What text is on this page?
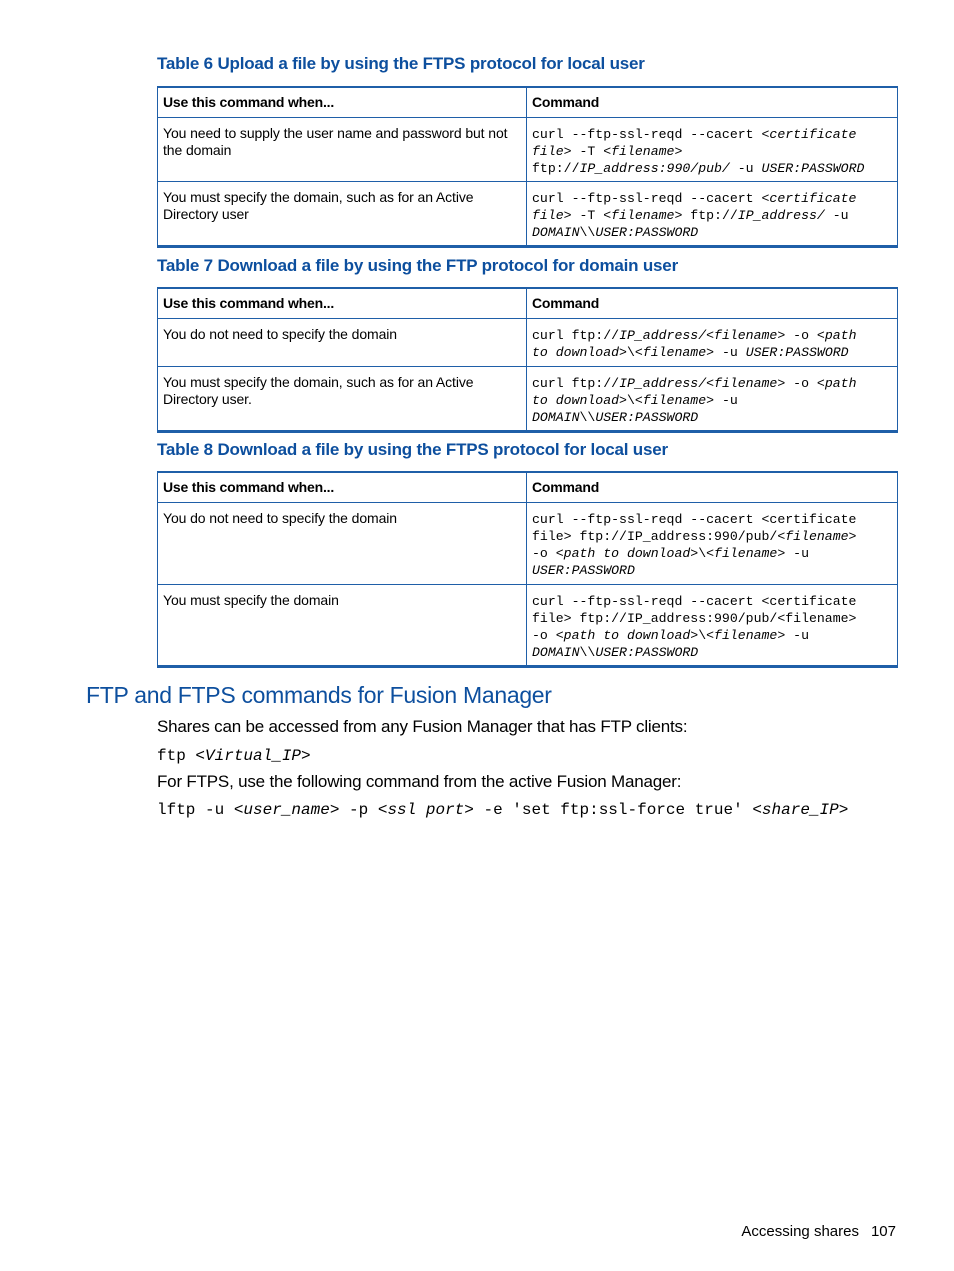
Table 6 Upload a file by using the FTPS protocol for local user
Use this command when...	Command
You need to supply the user name and password but not the domain	curl --ftp-ssl-reqd --cacert <certificate
file> -T <filename>
ftp://IP_address:990/pub/ -u USER:PASSWORD
You must specify the domain, such as for an Active Directory user	curl --ftp-ssl-reqd --cacert <certificate
file> -T <filename> ftp://IP_address/ -u
DOMAIN\\USER:PASSWORD
Table 7 Download a file by using the FTP protocol for domain user
Use this command when...	Command
You do not need to specify the domain	curl ftp://IP_address/<filename> -o <path
to download>\<filename> -u USER:PASSWORD
You must specify the domain, such as for an Active Directory user.	curl ftp://IP_address/<filename> -o <path
to download>\<filename> -u
DOMAIN\\USER:PASSWORD
Table 8 Download a file by using the FTPS protocol for local user
Use this command when...	Command
You do not need to specify the domain	curl --ftp-ssl-reqd --cacert <certificate
file> ftp://IP_address:990/pub/<filename>
-o <path to download>\<filename> -u
USER:PASSWORD
You must specify the domain	curl --ftp-ssl-reqd --cacert <certificate
file> ftp://IP_address:990/pub/<filename>
-o <path to download>\<filename> -u
DOMAIN\\USER:PASSWORD
FTP and FTPS commands for Fusion Manager

Shares can be accessed from any Fusion Manager that has FTP clients:

ftp <Virtual_IP>

For FTPS, use the following command from the active Fusion Manager:

lftp -u <user_name> -p <ssl port> -e 'set ftp:ssl-force true' <share_IP>

Accessing shares 107
